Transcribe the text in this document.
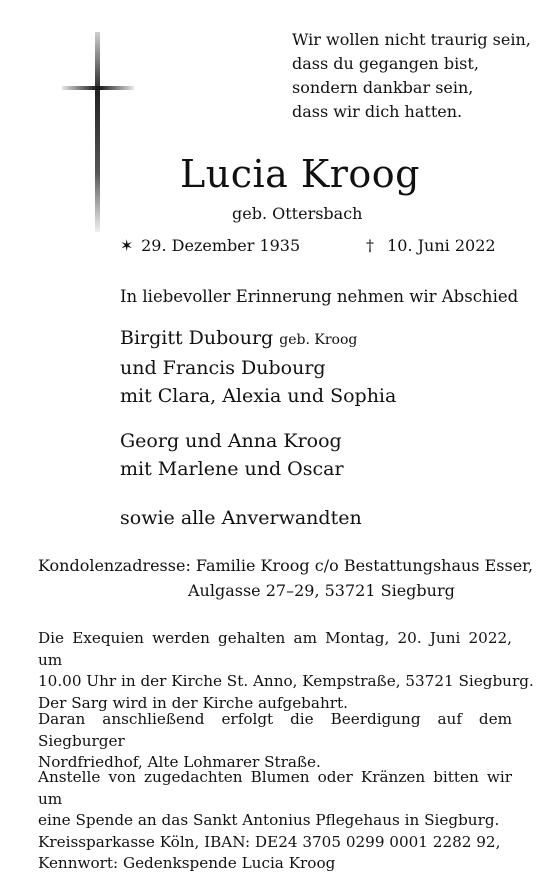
Wir wollen nicht traurig sein,
dass du gegangen bist,
sondern dankbar sein,
dass wir dich hatten.
Lucia Kroog
geb. Ottersbach
✶ 29. Dezember 1935	† 10. Juni 2022
In liebevoller Erinnerung nehmen wir Abschied
Birgitt Dubourg geb. Kroog
und Francis Dubourg
mit Clara, Alexia und Sophia
Georg und Anna Kroog
mit Marlene und Oscar
sowie alle Anverwandten
Kondolenzadresse: Familie Kroog c/o Bestattungshaus Esser,
Aulgasse 27–29, 53721 Siegburg
Die Exequien werden gehalten am Montag, 20. Juni 2022, um
10.00 Uhr in der Kirche St. Anno, Kempstraße, 53721 Siegburg.
Der Sarg wird in der Kirche aufgebahrt.
Daran anschließend erfolgt die Beerdigung auf dem Siegburger
Nordfriedhof, Alte Lohmarer Straße.
Anstelle von zugedachten Blumen oder Kränzen bitten wir um
eine Spende an das Sankt Antonius Pflegehaus in Siegburg.
Kreissparkasse Köln, IBAN: DE24 3705 0299 0001 2282 92,
Kennwort: Gedenkspende Lucia Kroog
